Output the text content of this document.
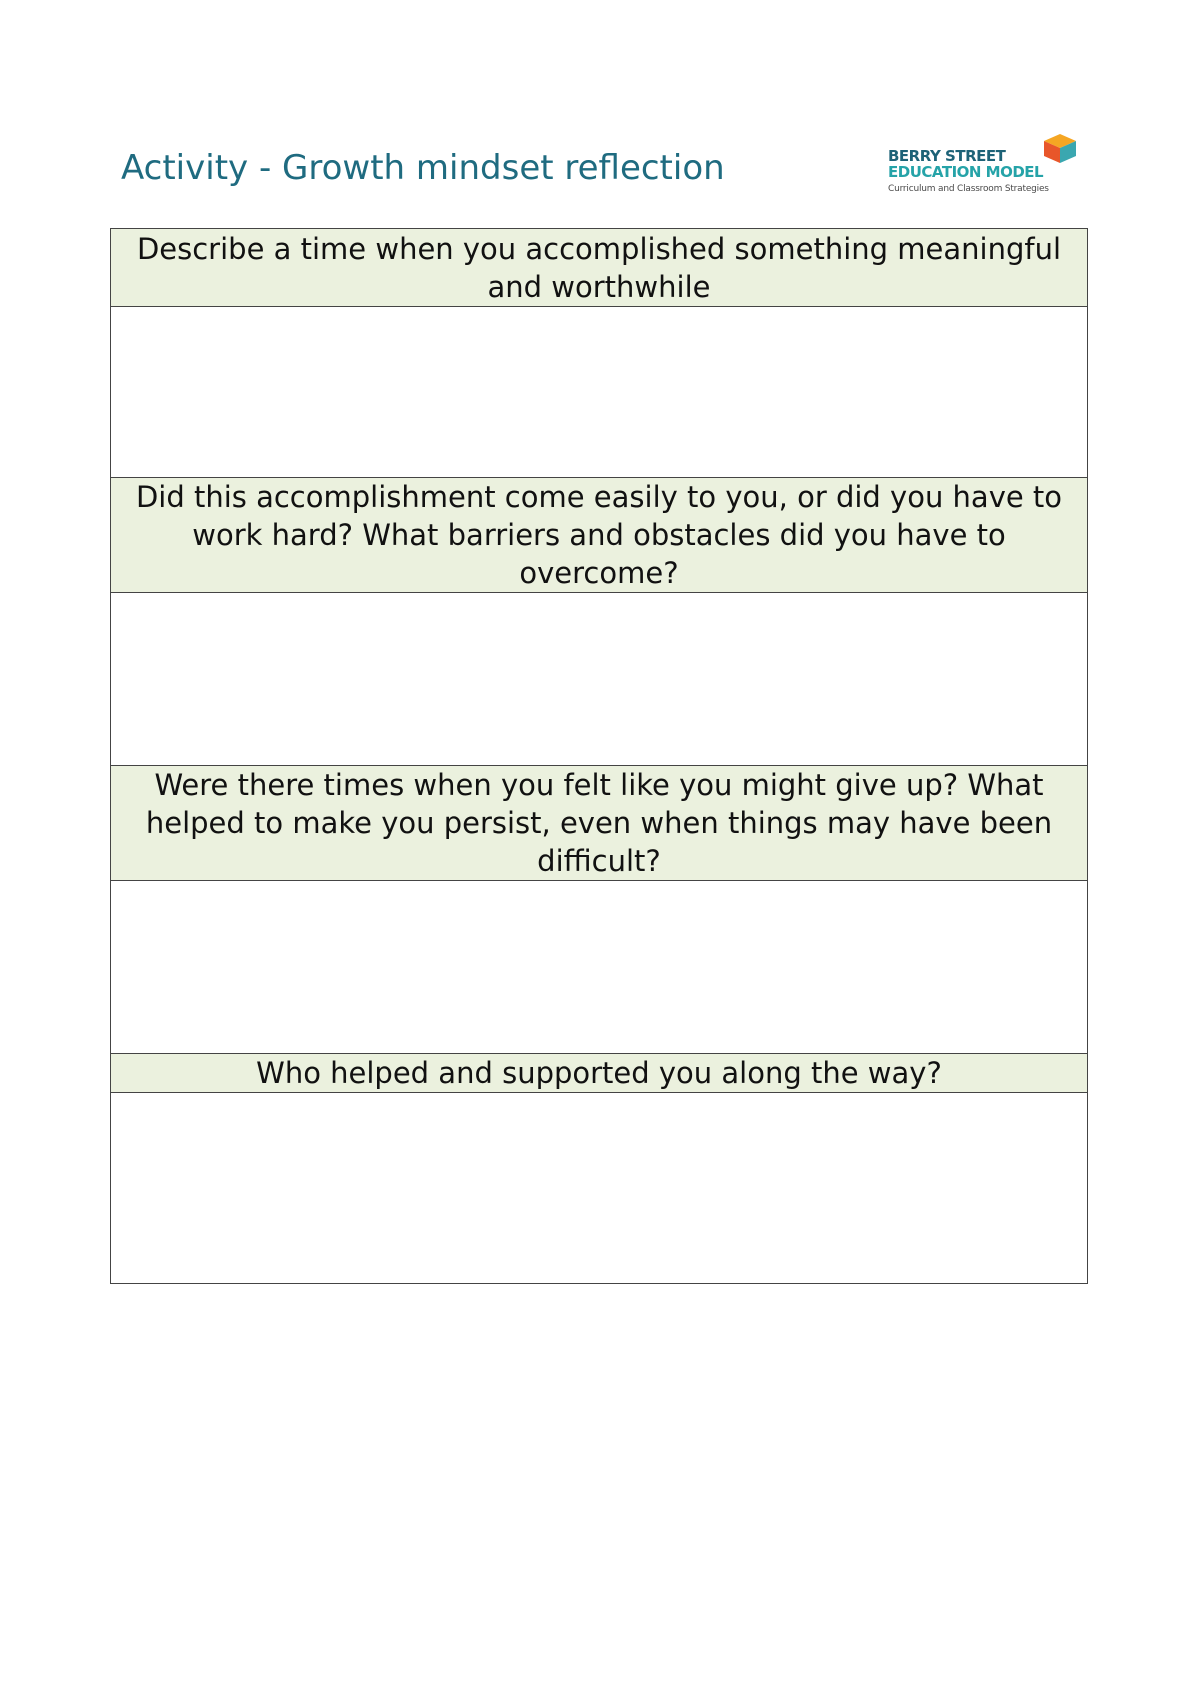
Activity - Growth mindset reflection	BERRY STREET
EDUCATION MODEL
Curriculum and Classroom Strategies
Describe a time when you accomplished something meaningful and worthwhile

Did this accomplishment come easily to you, or did you have to work hard? What barriers and obstacles did you have to overcome?

Were there times when you felt like you might give up? What helped to make you persist, even when things may have been difficult?

Who helped and supported you along the way?
